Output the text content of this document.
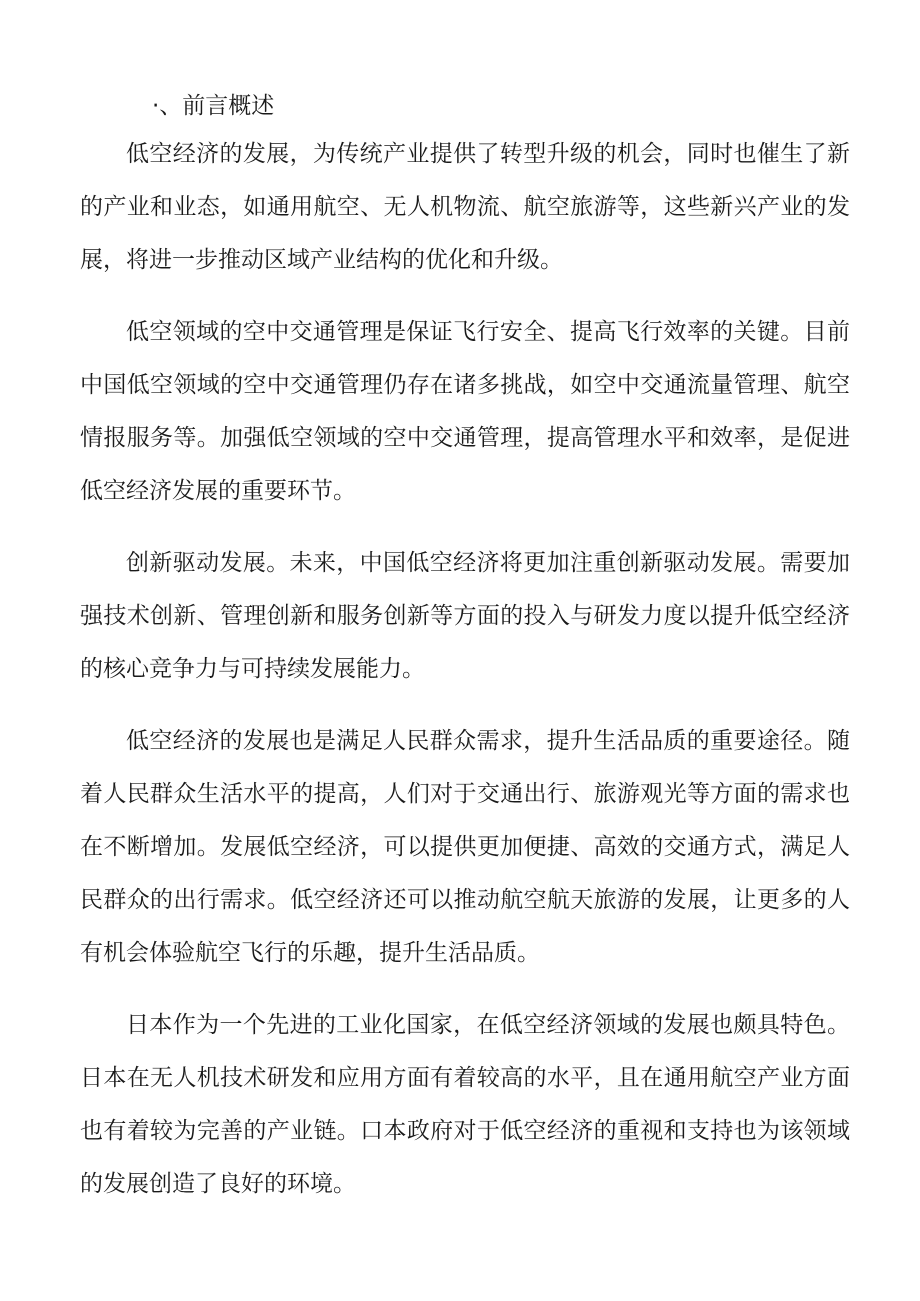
·、前言概述

低空经济的发展，为传统产业提供了转型升级的机会，同时也催生了新的产业和业态，如通用航空、无人机物流、航空旅游等，这些新兴产业的发展，将进一步推动区域产业结构的优化和升级。

低空领域的空中交通管理是保证飞行安全、提高飞行效率的关键。目前中国低空领域的空中交通管理仍存在诸多挑战，如空中交通流量管理、航空情报服务等。加强低空领域的空中交通管理，提高管理水平和效率，是促进低空经济发展的重要环节。

创新驱动发展。未来，中国低空经济将更加注重创新驱动发展。需要加强技术创新、管理创新和服务创新等方面的投入与研发力度以提升低空经济的核心竞争力与可持续发展能力。

低空经济的发展也是满足人民群众需求，提升生活品质的重要途径。随着人民群众生活水平的提高，人们对于交通出行、旅游观光等方面的需求也在不断增加。发展低空经济，可以提供更加便捷、高效的交通方式，满足人民群众的出行需求。低空经济还可以推动航空航天旅游的发展，让更多的人有机会体验航空飞行的乐趣，提升生活品质。

日本作为一个先进的工业化国家，在低空经济领域的发展也颇具特色。日本在无人机技术研发和应用方面有着较高的水平，且在通用航空产业方面也有着较为完善的产业链。口本政府对于低空经济的重视和支持也为该领域的发展创造了良好的环境。
